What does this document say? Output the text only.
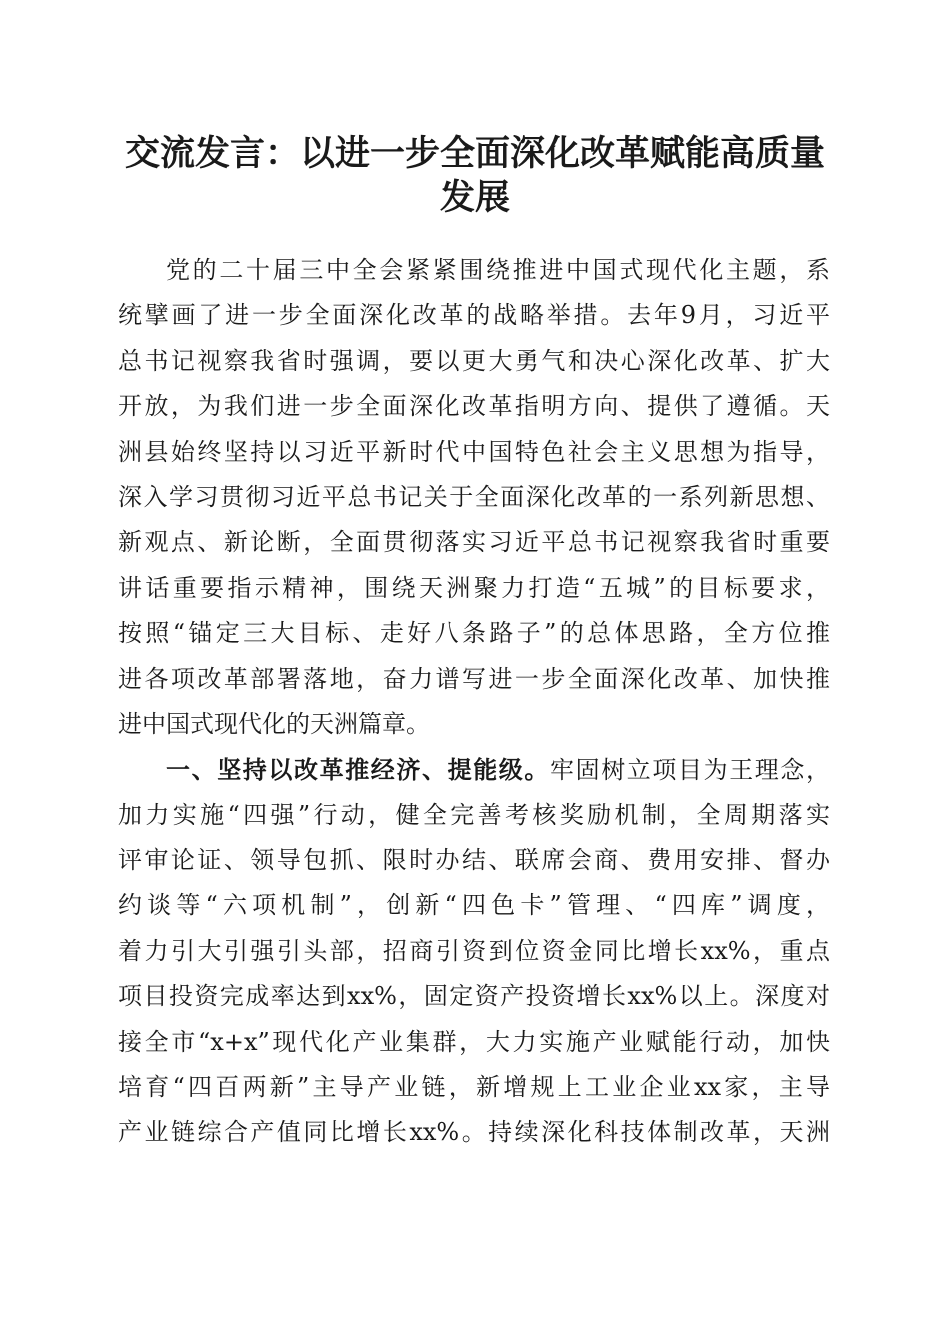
交流发言：以进一步全面深化改革赋能高质量
发展
党的二十届三中全会紧紧围绕推进中国式现代化主题，系
统擘画了进一步全面深化改革的战略举措。去年9月，习近平
总书记视察我省时强调，要以更大勇气和决心深化改革、扩大
开放，为我们进一步全面深化改革指明方向、提供了遵循。天
洲县始终坚持以习近平新时代中国特色社会主义思想为指导，
深入学习贯彻习近平总书记关于全面深化改革的一系列新思想、
新观点、新论断，全面贯彻落实习近平总书记视察我省时重要
讲话重要指示精神，围绕天洲聚力打造“五城”的目标要求，
按照“锚定三大目标、走好八条路子”的总体思路，全方位推
进各项改革部署落地，奋力谱写进一步全面深化改革、加快推
进中国式现代化的天洲篇章。
一、坚持以改革推经济、提能级。牢固树立项目为王理念，
加力实施“四强”行动，健全完善考核奖励机制，全周期落实
评审论证、领导包抓、限时办结、联席会商、费用安排、督办
约谈等“六项机制”，创新“四色卡”管理、“四库”调度，
着力引大引强引头部，招商引资到位资金同比增长xx%，重点
项目投资完成率达到xx%，固定资产投资增长xx%以上。深度对
接全市“x+x”现代化产业集群，大力实施产业赋能行动，加快
培育“四百两新”主导产业链，新增规上工业企业xx家，主导
产业链综合产值同比增长xx%。持续深化科技体制改革，天洲
